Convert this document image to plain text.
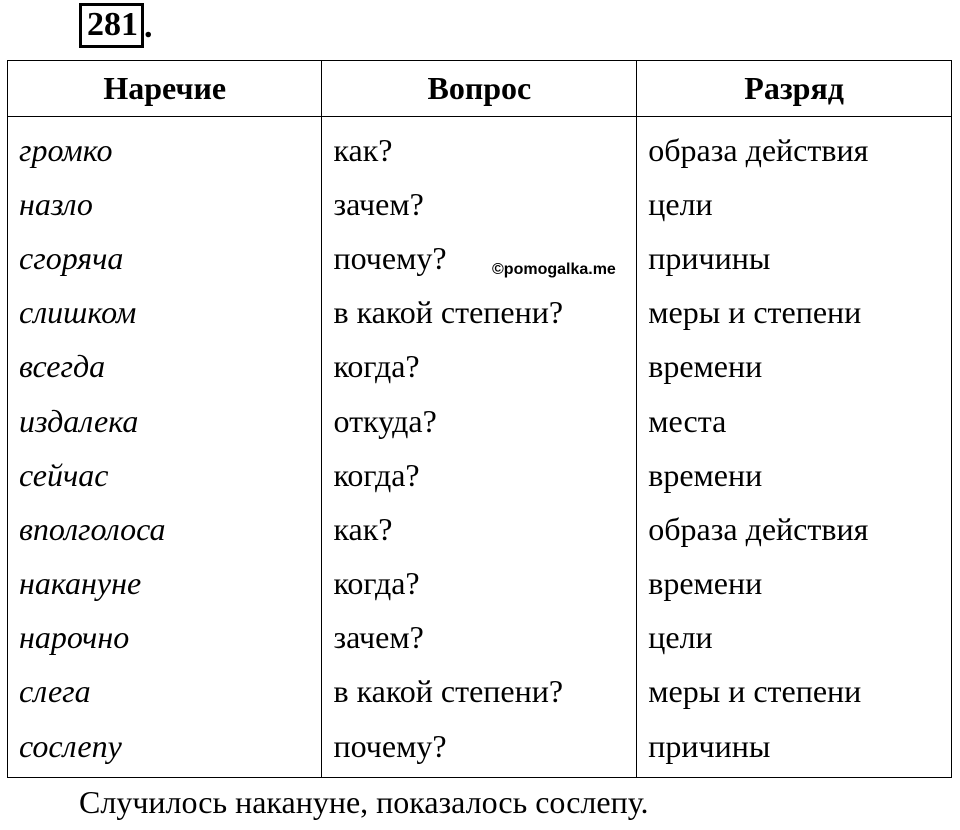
281 .
Наречие	Вопрос	Разряд
громко	как?	образа действия
назло	зачем?	цели
сгоряча	почему?	причины
слишком	в какой степени?	меры и степени
всегда	когда?	времени
издалека	откуда?	места
сейчас	когда?	времени
вполголоса	как?	образа действия
накануне	когда?	времени
нарочно	зачем?	цели
слега	в какой степени?	меры и степени
сослепу	почему?	причины
©pomogalka.me
Случилось накануне, показалось сослепу.
